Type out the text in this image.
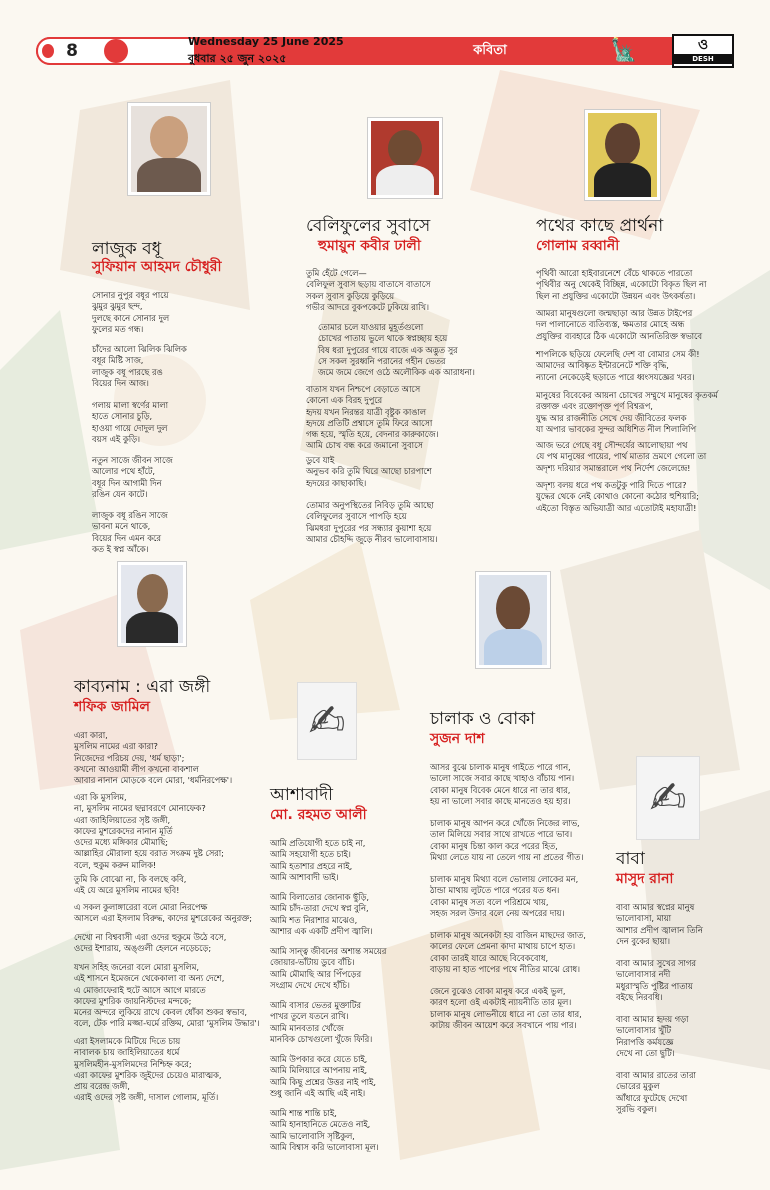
8	Wednesday 25 June 2025
বুধবার ২৫ জুন ২০২৫
কবিতা	🗽	ও
DESH
✍
✍
লাজুক বধূ
সুফিয়ান আহমদ চৌধুরী
সোনার নুপুর বধূর পায়ে
ঝুমুর ঝুমুর ছন্দ,
দুলছে কানে সোনার দুল
ফুলের মত গন্ধ।
চাঁদের আলো ঝিলিক ঝিলিক
বধূর মিষ্টি সাজ,
লাজুক বধূ পারছে রঙ
বিয়ের দিন আজ।
গলায় মালা স্বর্ণের মালা
হাতে সোনার চুড়ি,
হাওয়া গায়ে দোদুল দুল
বয়স এই কুড়ি।
নতুন সাজে জীবন সাজে
আলোর পথে হাঁটে,
বধূর দিন আগামী দিন
রঙিন যেন কাটে।
লাজুক বধূ রঙিন সাজে
ভাবনা মনে থাকে,
বিয়ের দিন এমন করে
কত ই স্বপ্ন আঁকে।
বেলিফুলের সুবাসে
হুমায়ুন কবীর ঢালী
তুমি হেঁটে গেলে—
বেলিফুল সুবাস ছড়ায় বাতাসে বাতাসে
সকল সুবাস কুড়িয়ে কুড়িয়ে
গভীর আদরে বুকপকেটে ঢুকিয়ে রাখি।
তোমার চলে যাওয়ার মুহূর্তগুলো
চোখের পাতায় ভুলে থাকে স্বপ্নচ্ছায় হয়ে
বিষ ধরা দুপুরের গায়ে বাজে এক অদ্ভুত সুর
সে সকল সুরধ্বনি পরানের গহীন ভেতর
জমে জমে জেগে ওঠে অলৌকিক এক আরাধনা।
বাতাস যখন নিশ্চপে বেড়াতে আসে
কোনো এক বিরহ দুপুরে
হৃদয় যখন নিরন্তর যাত্রী বৃষ্টুক কাঙাল
হৃদয়ে প্রতিটি প্রশ্বাসে তুমি ফিরে আসো
গন্ধ হয়ে, স্মৃতি হয়ে, বেদনার কারুকাজে।
আমি চোখ বন্ধ করে জমানো সুবাসে
ডুবে যাই
অনুভব করি তুমি ঘিরে আছো চারপাশে
হৃদয়ের কাছাকাছি।
তোমার অনুপস্থিতের নিবিড় তুমি আছো
বেলিফুলের সুবাসে পাপড়ি হয়ে
ঝিমধরা দুপুরের পর সন্ধ্যার কুয়াশা হয়ে
আমার চৌহদ্দি জুড়ে নীরব ভালোবাসায়।
পথের কাছে প্রার্থনা
গোলাম রব্বানী
পৃথিবী আরো হাইবারনেশে বেঁচে থাকতে পারতো
পৃথিবীর অনু থেকেই বিচ্ছিন্ন, একোটো বিকৃত ছিল না
ছিল না প্রযুক্তির একোটো উন্নয়ন এবং উৎকর্ষতা।
আমরা মানুষগুলো জন্মছাড়া আর উন্নত টাইপের
দল পালানোতে ব্যতিব্যস্ত, ক্ষমতার মোহে অন্ধ
প্রযুক্তির ব্যবহারে ঠিক একোটো আনতিরিক্ত স্বভাবে
শাপলিকে ছড়িয়ে ফেলেছি দেশ বা বোমার সেম কী!
আমাদের আবিষ্কৃত ইন্টারনেটে শক্তি বৃদ্ধি,
ন্যানো নেকেড়েই ছড়াতে পারে ধ্বংসযজ্ঞের খবর।
মানুষের বিবেকের আয়না চোখের সম্মুখে মানুষের কৃতকর্ম
রক্তাক্ত এবং রক্তোপৃক্ত পূর্ণ বিশ্বরূপ,
যুদ্ধ আর রাজনীতি সেখে দেয় জীবিতের ফলক
যা অপার ভাবকের সুন্দর অধিশিত নীল শিলালিপি
আজ ভরে গেছে বধূ সৌন্দর্যের আলোছায়া পথ
যে পথ মানুষের পায়ের, পার্থ মাতার ভ্রমণে গেলো তা
অদৃশ্য দরিয়ার সমান্তরালে পথ নির্দেশ জেলেন্দ্রে!
অদৃশ্য বলয় ধরে পথ কতটুকু পারি দিতে পারে?
যুদ্ধের থেকে নেই কোথাও কোনো কঠোর হুশিয়ারি;
এইতো বিস্তৃত অভিযাত্রী আর এতোটাই মহাযাত্রী!
কাব্যনাম : এরা জঙ্গী
শফিক জামিল
এরা কারা,
মুসলিম নামের এরা কারা?
নিজেদের পরিচয় দেয়, 'ধর্ম ছাড়া';
কখনো আওয়ামী লীগ কখনো বাকশাল
আবার নানান মোড়কে বলে মোরা, 'ধর্মনিরপেক্ষ'।
এরা কি মুসলিম,
না, মুসলিম নামের ছদ্মাবরণে মোনাফেক?
এরা জাহিলিয়াতের সৃষ্ট জঙ্গী,
কাফের মুশরেকদের নানান মূর্তি
ওদের মধ্যে মঙ্গিকার মৌমাছি;
আল্লাহির মৌরালা হয়ে বরাত সংক্রম দুষ্ট সেরা;
বলে, হুকুম করুন মালিক!
তুমি কি বোঝো না, কি বলছে কবি,
এই যে অরে মুসলিম নামের ছবি!
এ সকল কুলাঙ্গারেরা বলে মোরা নিরপেক্ষ
আসলে এরা ইসলাম বিরুদ্ধ, কাদের মুশরেকের অনুরক্ত;
দেখো না বিশ্ববাসী এরা ওদের হুকুমে উঠে বসে,
ওদের ইশারায়, অঙ্গুলী হেলনে নড়েচড়ে;
যখন সহিহ জনেরা বলে মোরা মুসলিম,
এই শাসনে ইমেজনে থেকেকালা বা অন্য দেশে,
এ মোজাফেরাই হুটে আসে আগে মারতে
কাফের মুশরিক জায়নিস্টদের মন্দকে;
মনের অন্দরে লুকিয়ে রাখে কেবল ধোঁকা শুকর স্বভাব,
বলে, টেক পারি মজ্জা-ঘর্মে রক্তিম, মোরা 'মুসলিম উদ্ধার'।
এরা ইসলামকে মিটিয়ে দিতে চায়
নাবালক চায় জাহিলিয়াতের ধর্মে
মুসলিমহীন-মুসলিমদের নিশ্চিহ্ন করে;
এরা কাফের মুশরিক জুইদের চেয়েও মারাত্মক,
প্রায় বরেন্দ্র জঙ্গী,
এরাই ওদের সৃষ্ট জঙ্গী, দাসাল গোলাম, মূর্তি।
আশাবাদী
মো. রহমত আলী
আমি প্রতিযোগী হতে চাই না,
আমি সহযোগী হতে চাই।
আমি হতাশার প্রহরে নাই,
আমি আশাবাদী ভাই।
আমি বিলাতোর জোনাক ছুঁড়ি,
আমি চাঁদ-তারা দেখে স্বপ্ন বুনি,
আমি শত নিরাশার মাঝেও,
আশার এক একটি প্রদীপ জ্বালি।
আমি সান্ত্ব জীবনের অশান্ত সময়ের
জোয়ার-ভাঁটায় ডুবে বাঁচি।
আমি মৌমাছি আর পিঁপড়ের
সংগ্রাম দেখে দেখে হাঁচি।
আমি বাসার ভেতর মুক্তাটির
পাখর তুলে যতনে রাখি।
আমি মানবতার খোঁজে
মানবিক চোখগুলো খুঁজে ফিরি।
আমি উপকার করে যেতে চাই,
আমি মিলিয়ারে আপনায় নাই,
আমি কিছু প্রশ্নের উত্তর নাই পাই,
শুধু জানি এই আছি এই নাই।
আমি শান্ত শান্তি চাই,
আমি হানাহানিতে মেতেও নাই,
আমি ভালোবাসি সৃষ্টিকুল,
আমি বিশ্বাস করি ভালোবাসা মূল।
চালাক ও বোকা
সুজন দাশ
আসর বুঝে চালাক মানুষ গাইতে পারে গান,
ভালো সাজে সবার কাছে খাহাও বাঁচায় পান।
বোকা মানুষ বিবেক মেনে ধারে না তার ধার,
হয় না ভালো সবার কাছে মানতেও হয় হার।
চালাক মানুষ আপন করে খোঁজে নিজের লাভ,
তাল মিলিয়ে সবার সাথে রাখতে পারে ভাব।
বোকা মানুষ চিন্তা কাল করে পরের হিত,
মিথ্যা লেতে যায় না তেলে গায় না প্রতের গীত।
চালাক মানুষ মিথ্যা বলে ভোলায় লোকের মন,
ঠান্ডা মাথায় লুটতে পারে পরের যত ধন।
বোকা মানুষ সত্য বলে পরিশ্রমে খায়,
সহজ সরল উদার বলে নেয় অপরের দায়।
চালাক মানুষ অনেকটা হয় বাজিন মাছদের জাত,
কালের ফেলে প্রেমনা কাদা মাথায় চাপে হাত।
বোকা তারই যারে আছে বিবেকবোধ,
বাড়ায় না হাত পাপের পথে নীতির মাঝে রোধ।
জেনে বুঝেও বোকা মানুষ করে একই ভুল,
কারণ হলো ওই একটাই ন্যায়নীতি তার মূল।
চালাক মানুষ লোভনীয়ে ধারে না তো তার ধার,
কাটায় জীবন আয়েশ করে সবখানে পায় পার।
বাবা
মাসুদ রানা
বাবা আমার স্বপ্নের মানুষ
ভালোবাসা, মায়া
আশার প্রদীপ জ্বালান তিনি
দেন বুকের ছায়া।
বাবা আমার সুখের সাগর
ভালোবাসার নদী
মধুরাস্মৃতি পুষ্টির পাতায়
বইছে নিরবধি।
বাবা আমার হৃদয় গড়া
ভালোবাসার খুঁটি
নিরাপত্তি কর্মযজ্ঞে
দেখে না তো ছুটি।
বাবা আমার রাতের তারা
ভোরের মুকুল
আঁধারে ফুটেছে দেখো
সুরভি বকুল।
